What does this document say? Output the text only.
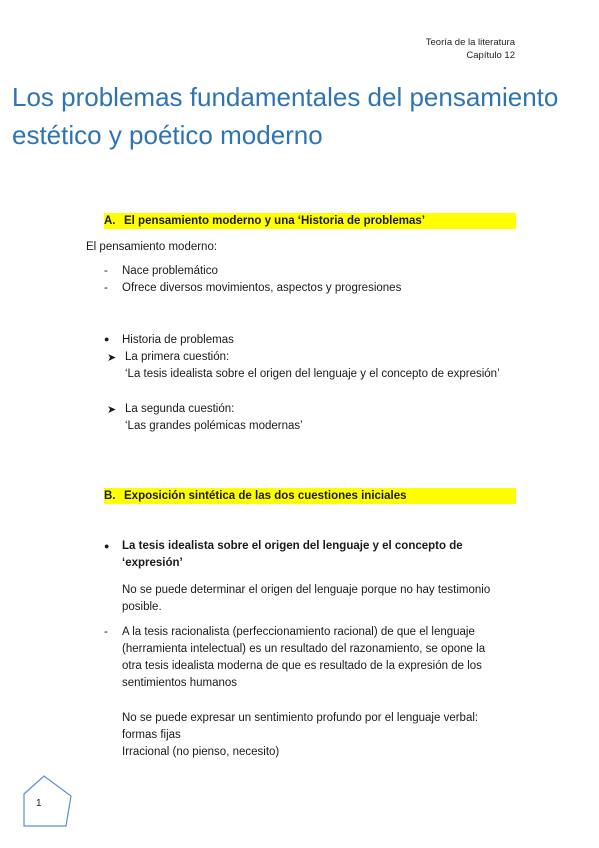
Teoría de la literatura
Capítulo 12
Los problemas fundamentales del pensamiento
estético y poético moderno
A. El pensamiento moderno y una ‘Historia de problemas’
El pensamiento moderno:
- Nace problemático
- Ofrece diversos movimientos, aspectos y progresiones
● Historia de problemas
➤ La primera cuestión:
‘La tesis idealista sobre el origen del lenguaje y el concepto de expresión’
➤ La segunda cuestión:
‘Las grandes polémicas modernas’
B. Exposición sintética de las dos cuestiones iniciales
● La tesis idealista sobre el origen del lenguaje y el concepto de
‘expresión’
No se puede determinar el origen del lenguaje porque no hay testimonio
posible.
- A la tesis racionalista (perfeccionamiento racional) de que el lenguaje
(herramienta intelectual) es un resultado del razonamiento, se opone la
otra tesis idealista moderna de que es resultado de la expresión de los
sentimientos humanos
No se puede expresar un sentimiento profundo por el lenguaje verbal:
formas fijas
Irracional (no pienso, necesito)
1
